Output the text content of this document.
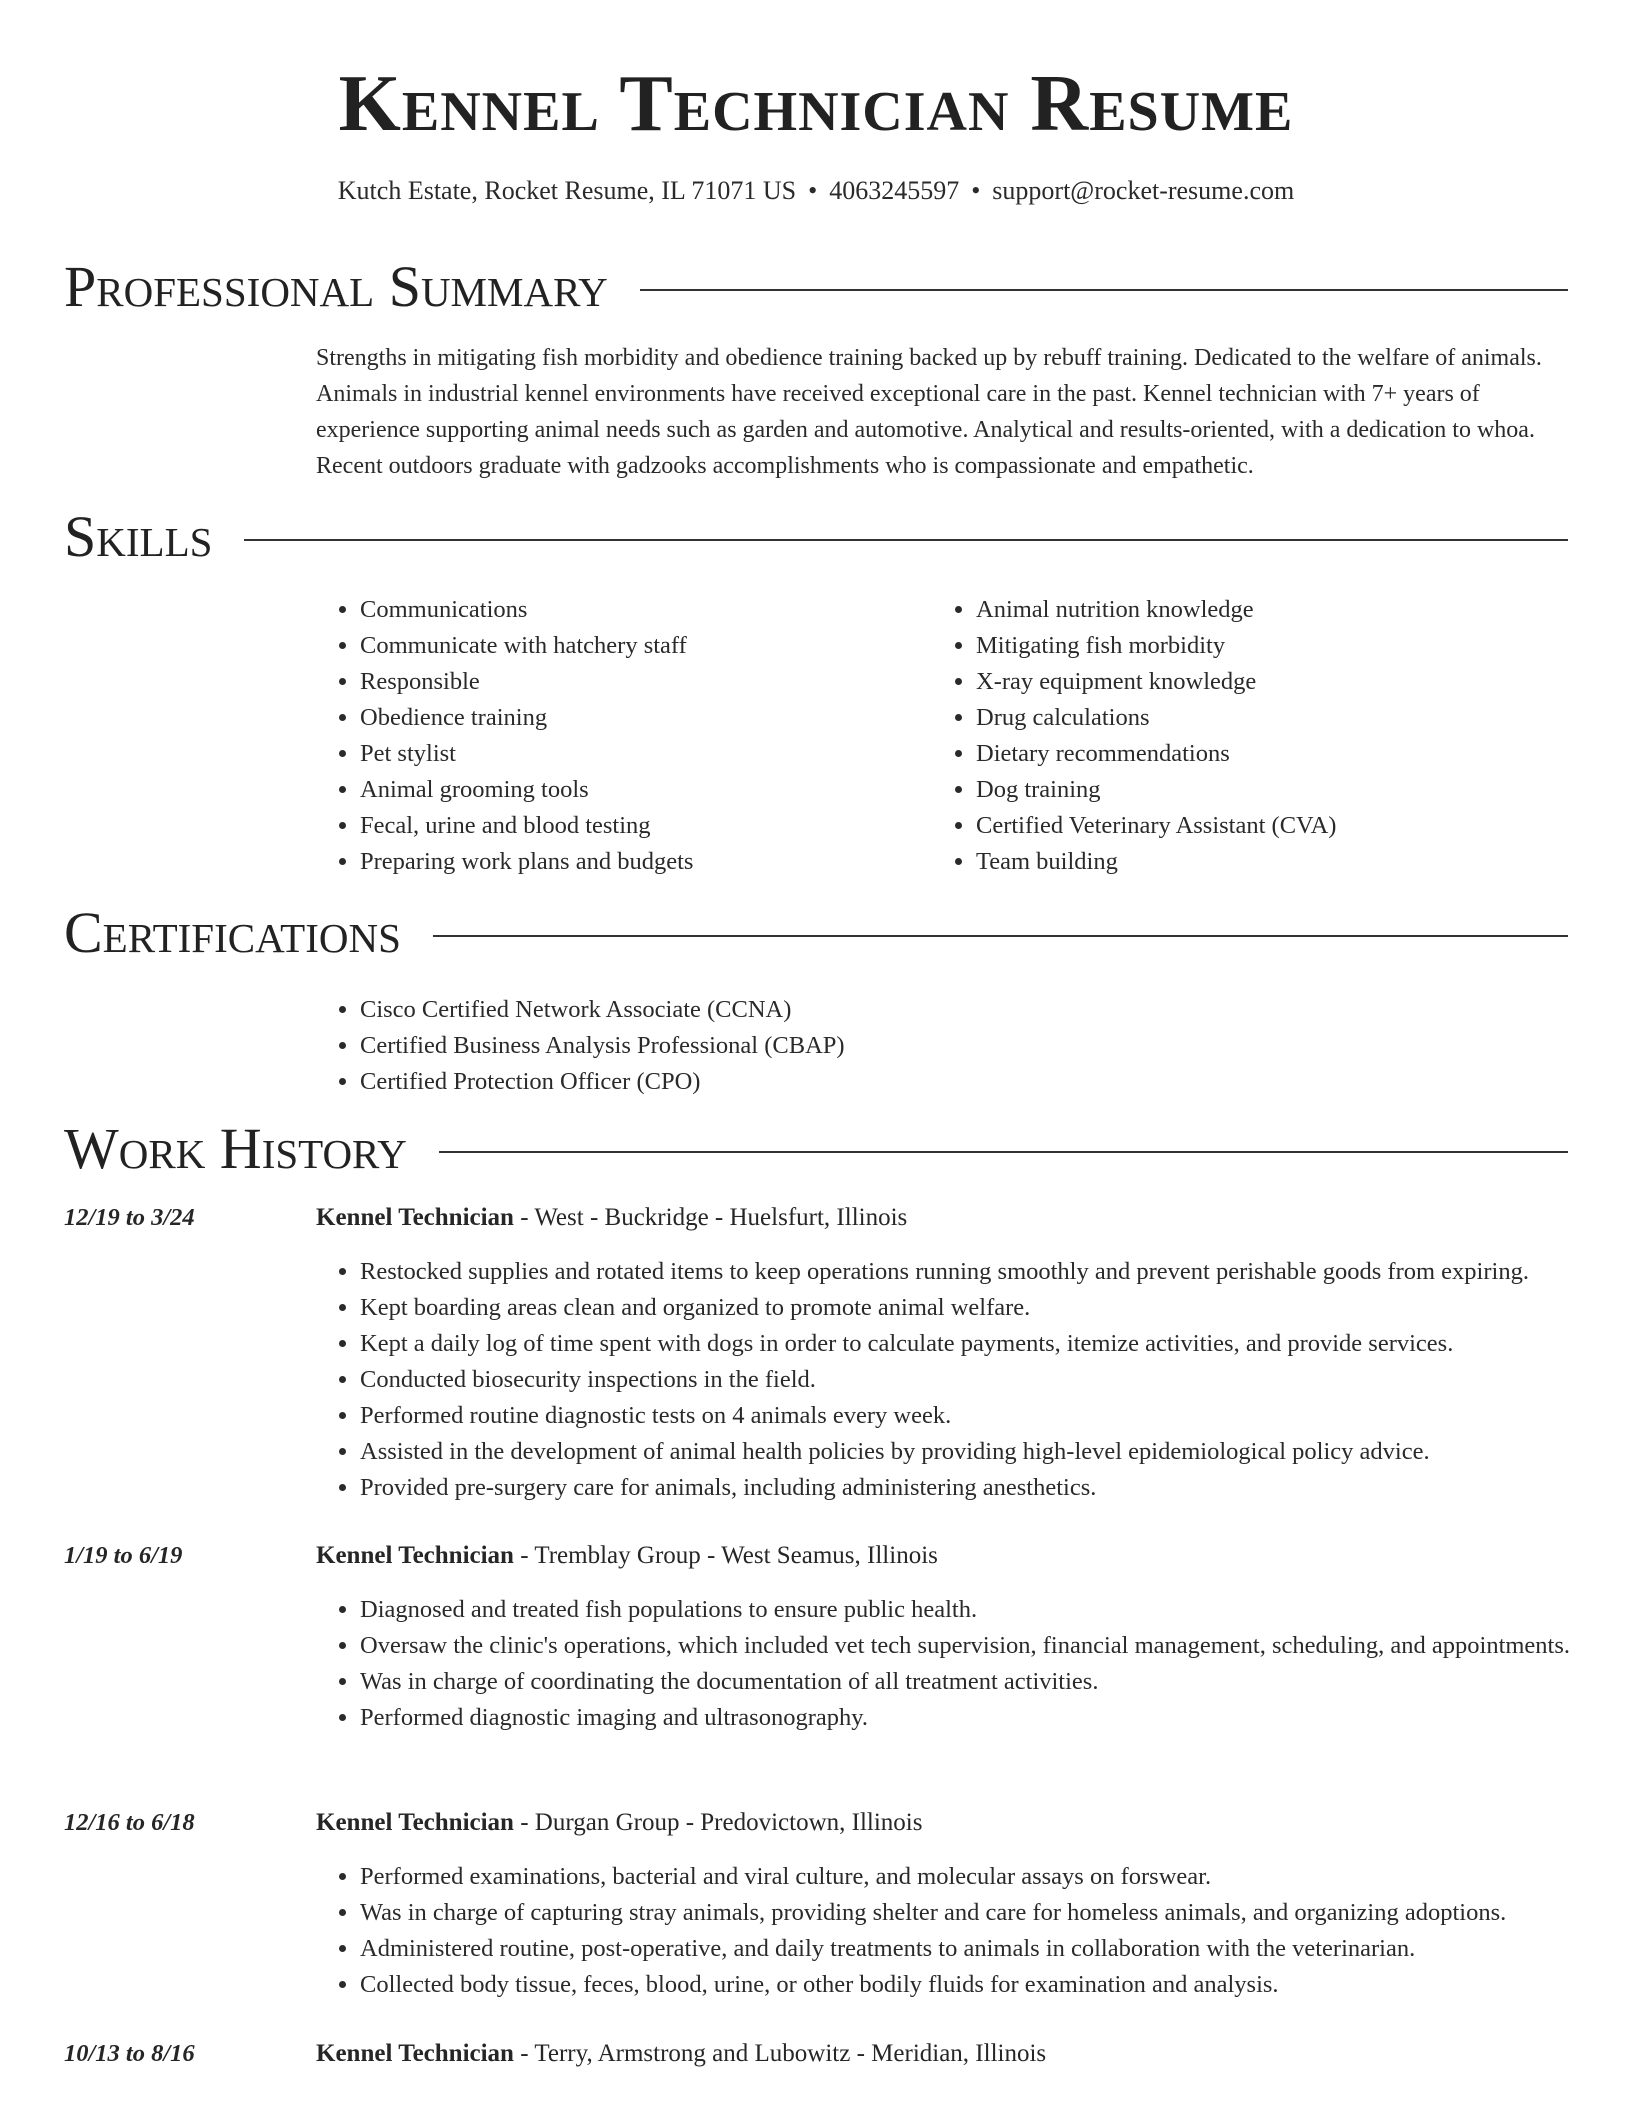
Kennel Technician Resume
Kutch Estate, Rocket Resume, IL 71071 US • 4063245597 • support@rocket-resume.com
Professional Summary

Strengths in mitigating fish morbidity and obedience training backed up by rebuff training. Dedicated to the welfare of animals. Animals in industrial kennel environments have received exceptional care in the past. Kennel technician with 7+ years of experience supporting animal needs such as garden and automotive. Analytical and results-oriented, with a dedication to whoa. Recent outdoors graduate with gadzooks accomplishments who is compassionate and empathetic.

Skills
• Communications
• Communicate with hatchery staff
• Responsible
• Obedience training
• Pet stylist
• Animal grooming tools
• Fecal, urine and blood testing
• Preparing work plans and budgets
• Animal nutrition knowledge
• Mitigating fish morbidity
• X-ray equipment knowledge
• Drug calculations
• Dietary recommendations
• Dog training
• Certified Veterinary Assistant (CVA)
• Team building
Certifications
• Cisco Certified Network Associate (CCNA)
• Certified Business Analysis Professional (CBAP)
• Certified Protection Officer (CPO)
Work History
12/19 to 3/24	Kennel Technician - West - Buckridge - Huelsfurt, Illinois
• Restocked supplies and rotated items to keep operations running smoothly and prevent perishable goods from expiring.
• Kept boarding areas clean and organized to promote animal welfare.
• Kept a daily log of time spent with dogs in order to calculate payments, itemize activities, and provide services.
• Conducted biosecurity inspections in the field.
• Performed routine diagnostic tests on 4 animals every week.
• Assisted in the development of animal health policies by providing high-level epidemiological policy advice.
• Provided pre-surgery care for animals, including administering anesthetics.
1/19 to 6/19	Kennel Technician - Tremblay Group - West Seamus, Illinois
• Diagnosed and treated fish populations to ensure public health.
• Oversaw the clinic's operations, which included vet tech supervision, financial management, scheduling, and appointments.
• Was in charge of coordinating the documentation of all treatment activities.
• Performed diagnostic imaging and ultrasonography.
12/16 to 6/18	Kennel Technician - Durgan Group - Predovictown, Illinois
• Performed examinations, bacterial and viral culture, and molecular assays on forswear.
• Was in charge of capturing stray animals, providing shelter and care for homeless animals, and organizing adoptions.
• Administered routine, post-operative, and daily treatments to animals in collaboration with the veterinarian.
• Collected body tissue, feces, blood, urine, or other bodily fluids for examination and analysis.
10/13 to 8/16	Kennel Technician - Terry, Armstrong and Lubowitz - Meridian, Illinois
